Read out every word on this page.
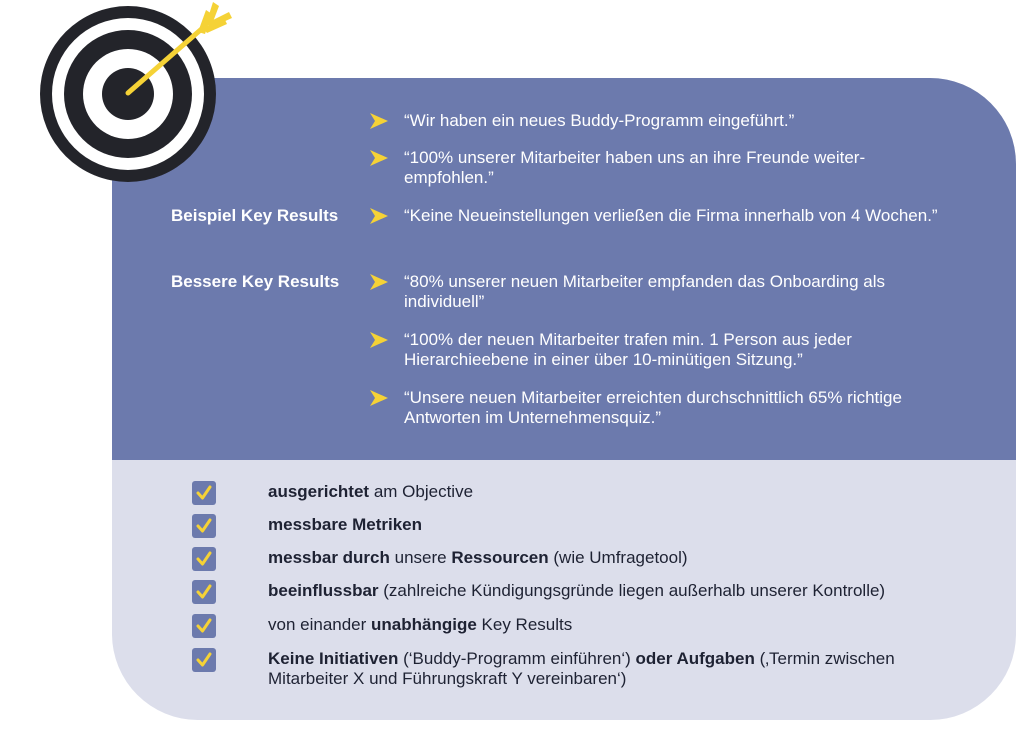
“Wir haben ein neues Buddy-Programm eingeführt.”
“100% unserer Mitarbeiter haben uns an ihre Freunde weiter-empfohlen.”
Beispiel Key Results	“Keine Neueinstellungen verließen die Firma innerhalb von 4 Wochen.”
Bessere Key Results	“80% unserer neuen Mitarbeiter empfanden das Onboarding als individuell”
“100% der neuen Mitarbeiter trafen min. 1 Person aus jeder Hierarchieebene in einer über 10-minütigen Sitzung.”
“Unsere neuen Mitarbeiter erreichten durchschnittlich 65% richtige Antworten im Unternehmensquiz.”
ausgerichtet am Objective
messbare Metriken
messbar durch unsere Ressourcen (wie Umfragetool)
beeinflussbar (zahlreiche Kündigungsgründe liegen außerhalb unserer Kontrolle)
von einander unabhängige Key Results
Keine Initiativen (‘Buddy-Programm einführen‘) oder Aufgaben (‚Termin zwischen Mitarbeiter X und Führungskraft Y vereinbaren‘)
